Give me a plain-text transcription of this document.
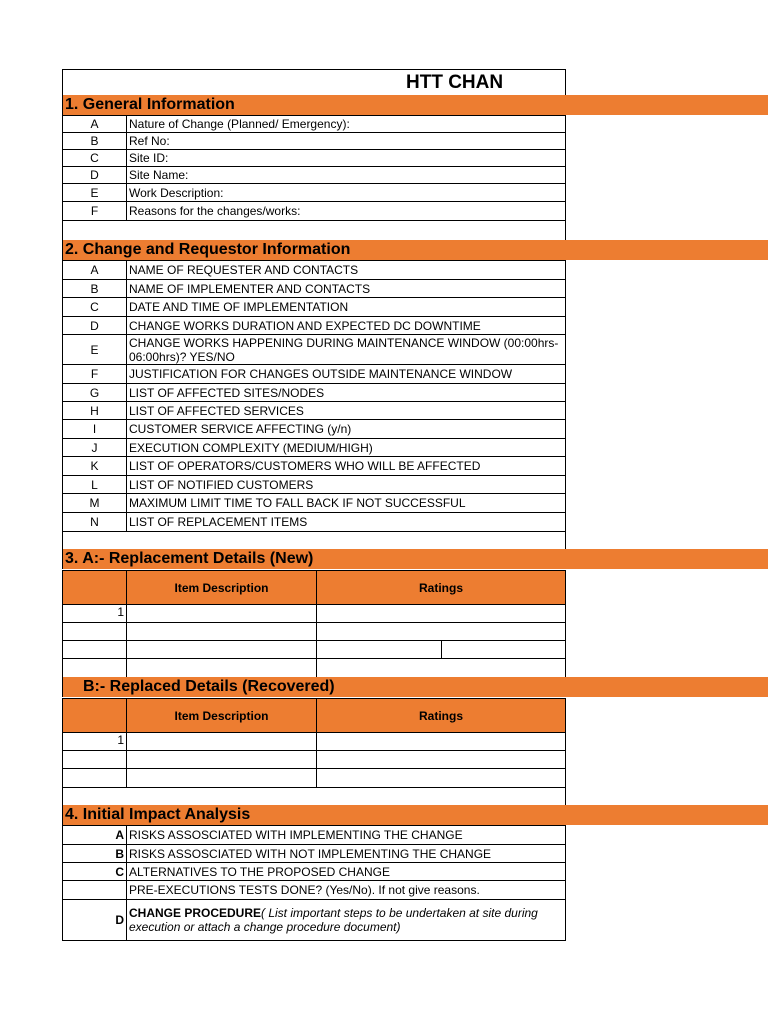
HTT CHAN
1. General Information
A	Nature of Change (Planned/ Emergency):
B	Ref No:
C	Site ID:
D	Site Name:
E	Work Description:
F	Reasons for the changes/works:
2. Change and Requestor Information
A	NAME OF REQUESTER AND CONTACTS
B	NAME OF IMPLEMENTER AND CONTACTS
C	DATE AND TIME OF IMPLEMENTATION
D	CHANGE WORKS DURATION AND EXPECTED DC DOWNTIME
E	CHANGE WORKS HAPPENING DURING MAINTENANCE WINDOW (00:00hrs-06:00hrs)? YES/NO
F	JUSTIFICATION FOR CHANGES OUTSIDE MAINTENANCE WINDOW
G	LIST OF AFFECTED SITES/NODES
H	LIST OF AFFECTED SERVICES
I	CUSTOMER SERVICE AFFECTING (y/n)
J	EXECUTION COMPLEXITY (MEDIUM/HIGH)
K	LIST OF OPERATORS/CUSTOMERS WHO WILL BE AFFECTED
L	LIST OF NOTIFIED CUSTOMERS
M	MAXIMUM LIMIT TIME TO FALL BACK IF NOT SUCCESSFUL
N	LIST OF REPLACEMENT ITEMS
3. A:- Replacement Details (New)
	Item Description	Ratings	
1			

B:- Replaced Details (Recovered)
	Item Description	Ratings
1		

4. Initial Impact Analysis
A	RISKS ASSOSCIATED WITH IMPLEMENTING THE CHANGE
B	RISKS ASSOSCIATED WITH NOT IMPLEMENTING THE CHANGE
C	ALTERNATIVES TO THE PROPOSED CHANGE
	PRE-EXECUTIONS TESTS DONE? (Yes/No). If not give reasons.
D	CHANGE PROCEDURE( List important steps to be undertaken at site during execution or attach a change procedure document)
